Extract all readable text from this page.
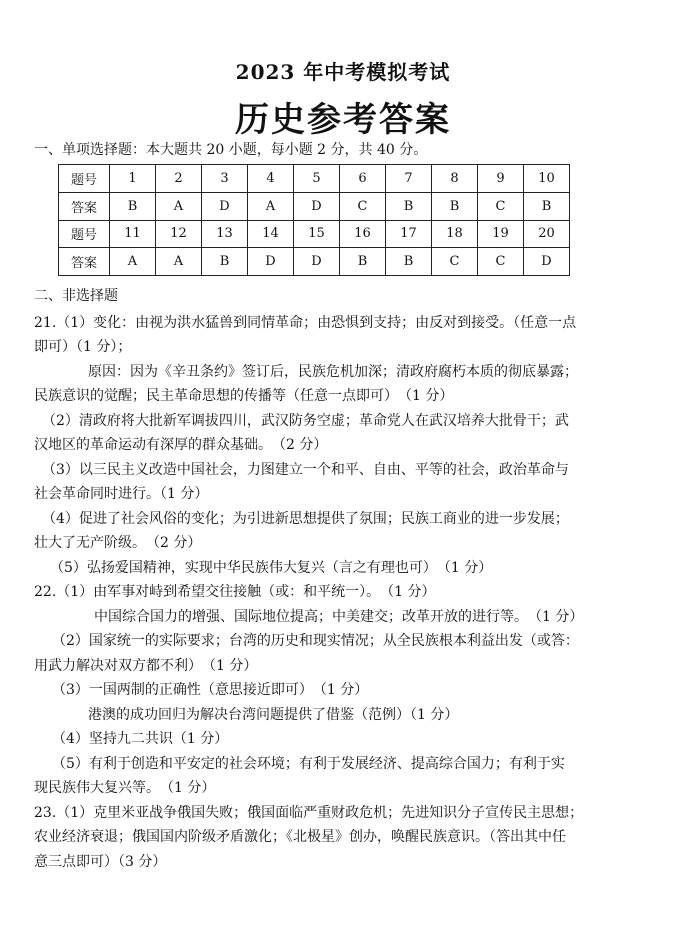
2023 年中考模拟考试
历史参考答案
一、单项选择题：本大题共 20 小题，每小题 2 分，共 40 分。
题号	1	2	3	4	5	6	7	8	9	10
答案	B	A	D	A	D	C	B	B	C	B
题号	11	12	13	14	15	16	17	18	19	20
答案	A	A	B	D	D	B	B	C	C	D
二、非选择题
21.（1）变化：由视为洪水猛兽到同情革命；由恐惧到支持；由反对到接受。（任意一点
即可）（1 分）；
原因：因为《辛丑条约》签订后，民族危机加深；清政府腐朽本质的彻底暴露；
民族意识的觉醒；民主革命思想的传播等（任意一点即可）　（1 分）
（2）清政府将大批新军调拔四川，武汉防务空虚；革命党人在武汉培养大批骨干；武
汉地区的革命运动有深厚的群众基础。　（2 分）
（3）以三民主义改造中国社会，力图建立一个和平、自由、平等的社会，政治革命与
社会革命同时进行。（1 分）
（4）促进了社会风俗的变化；为引进新思想提供了氛围；民族工商业的进一步发展；
壮大了无产阶级。　（2 分）
（5）弘扬爱国精神，实现中华民族伟大复兴（言之有理也可）　（1 分）
22.（1）由军事对峙到希望交往接触（或：和平统一）。　（1 分）
中国综合国力的增强、国际地位提高；中美建交；改革开放的进行等。　（1 分）
（2）国家统一的实际要求；台湾的历史和现实情况；从全民族根本利益出发（或答：
用武力解决对双方都不利）　（1 分）
（3）一国两制的正确性（意思接近即可）　（1 分）
港澳的成功回归为解决台湾问题提供了借鉴（范例）（1 分）
（4）坚持九二共识（1 分）
（5）有利于创造和平安定的社会环境；有利于发展经济、提高综合国力；有利于实
现民族伟大复兴等。　（1 分）
23.（1）克里米亚战争俄国失败；俄国面临严重财政危机；先进知识分子宣传民主思想；
农业经济衰退；俄国国内阶级矛盾激化；《北极星》创办，唤醒民族意识。（答出其中任
意三点即可）（3 分）
